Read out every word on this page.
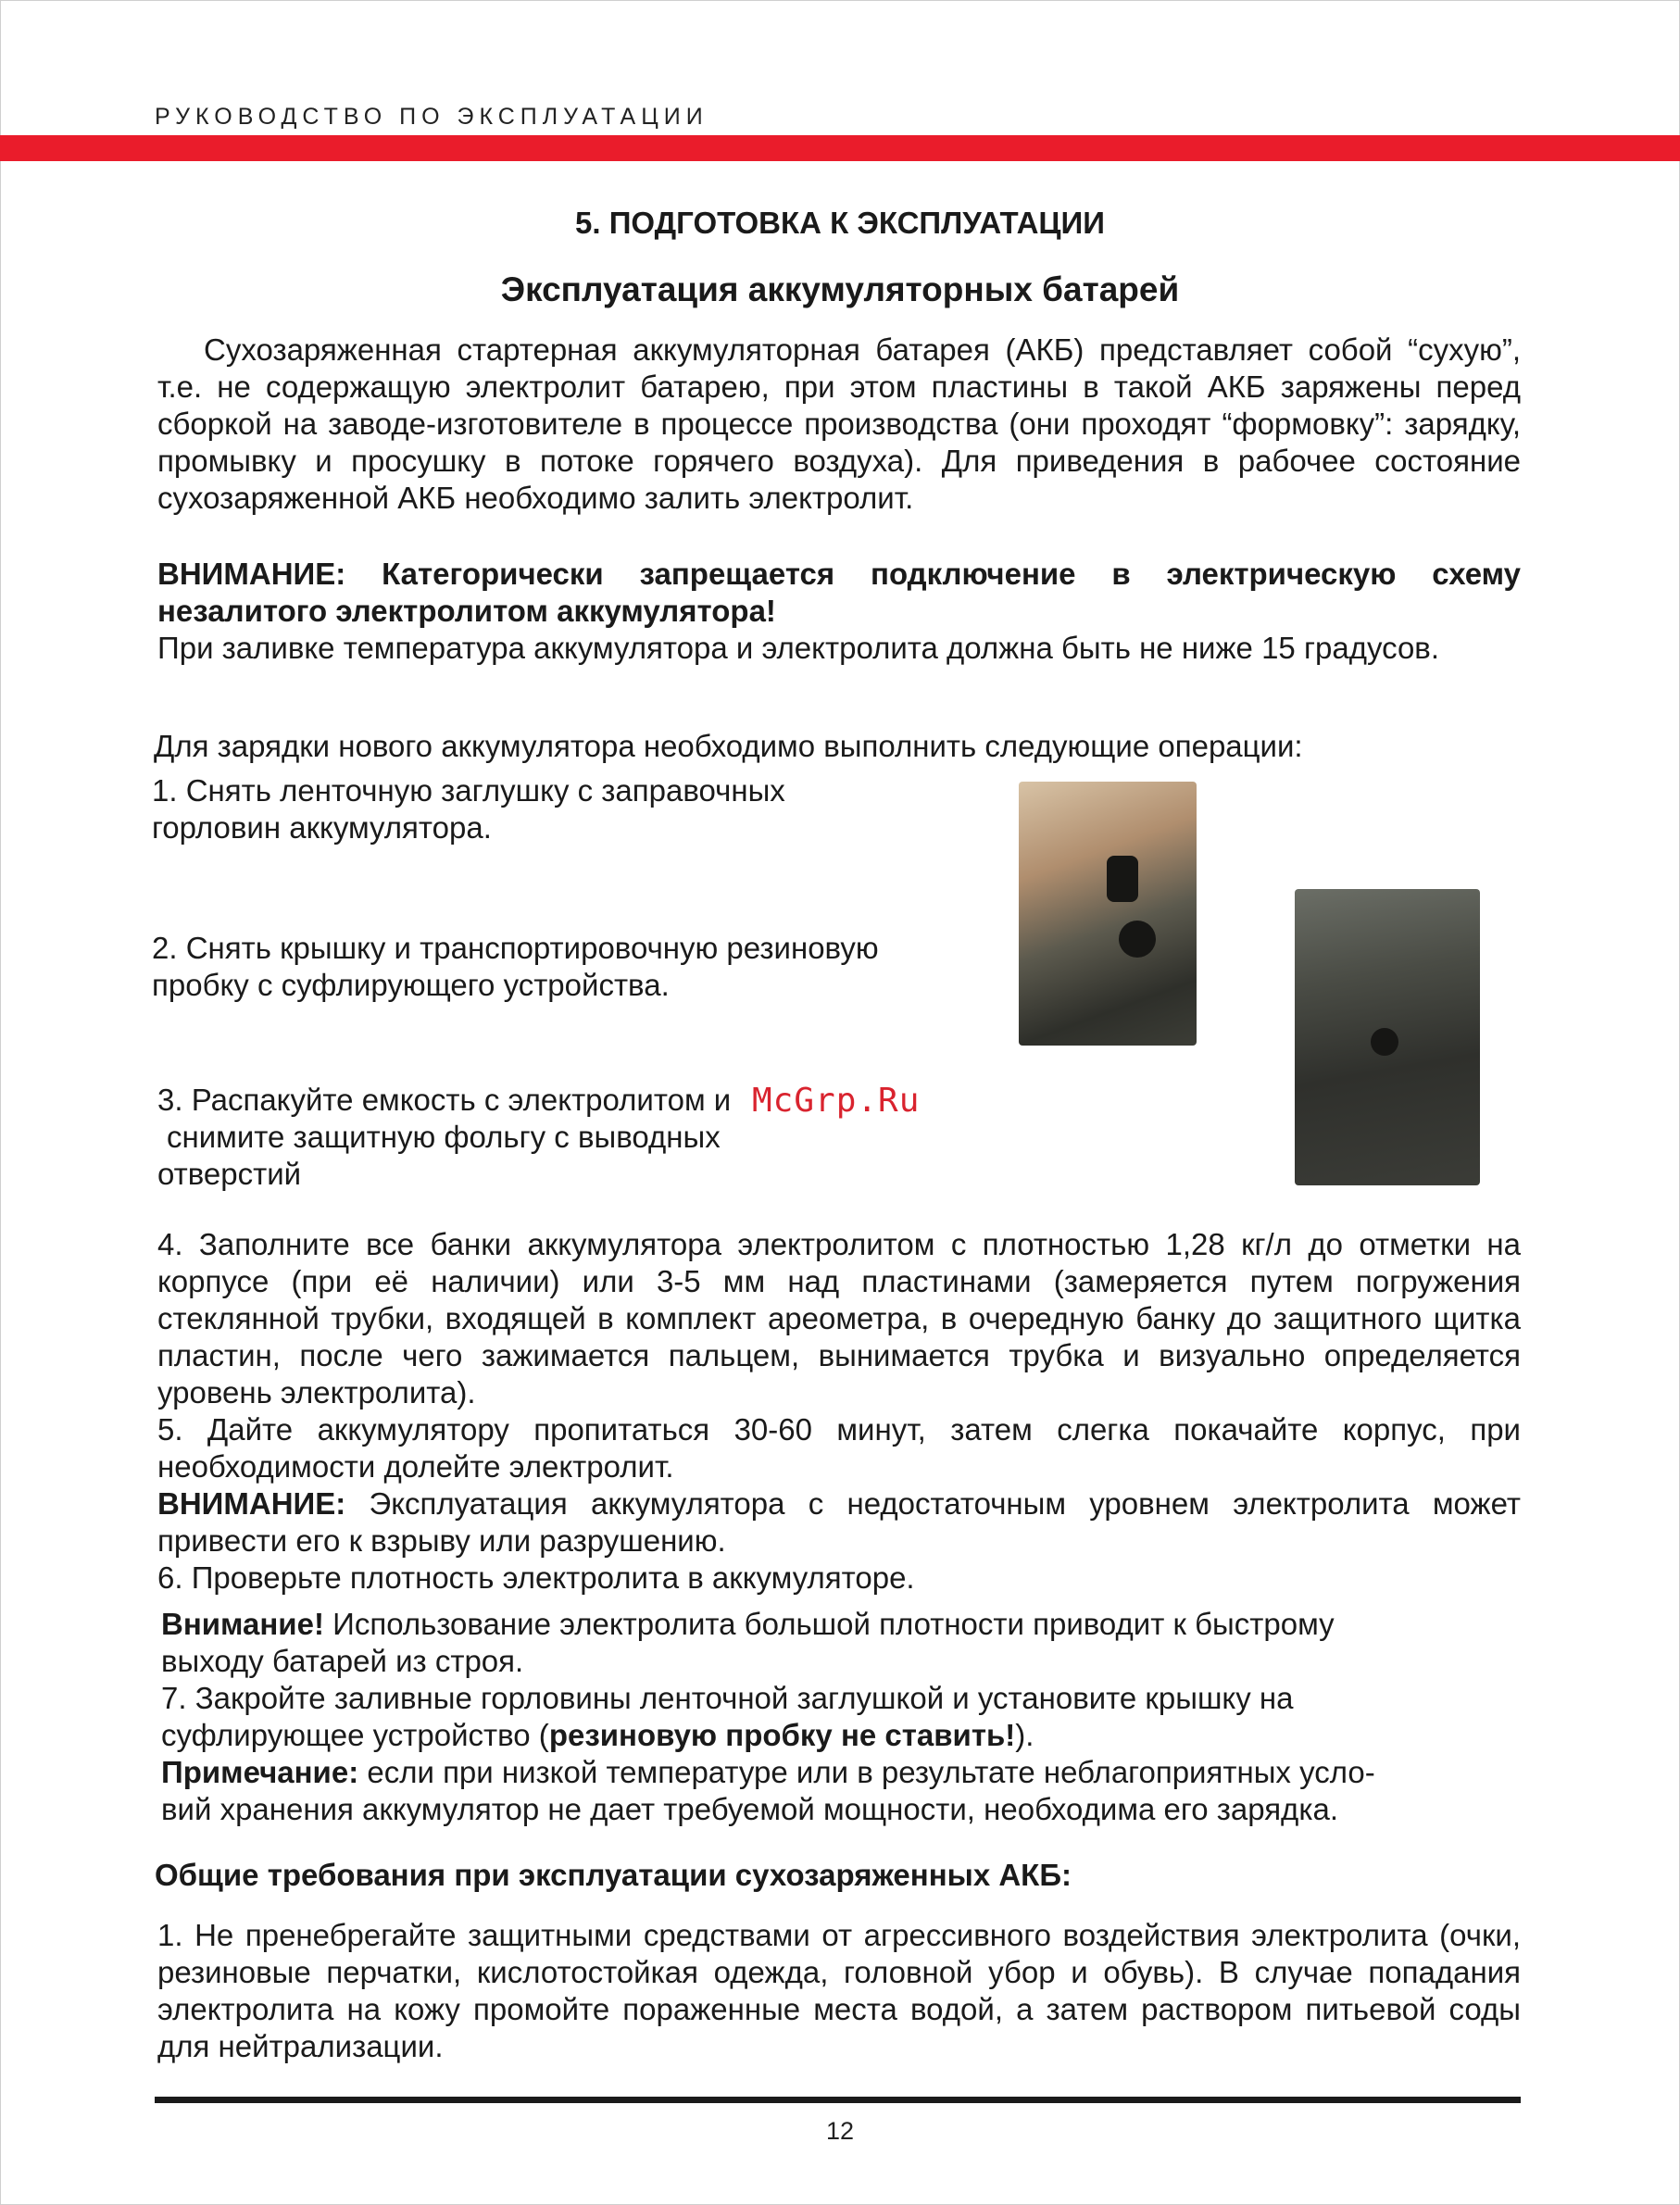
РУКОВОДСТВО ПО ЭКСПЛУАТАЦИИ
5. ПОДГОТОВКА К ЭКСПЛУАТАЦИИ
Эксплуатация аккумуляторных батарей

Сухозаряженная стартерная аккумуляторная батарея (АКБ) представляет собой “сухую”, т.е. не содержащую электролит батарею, при этом пластины в такой АКБ заряжены перед сборкой на заводе-изготовителе в процессе производства (они проходят “формовку”: зарядку, промывку и просушку в потоке горячего воздуха). Для приведения в рабочее состояние сухозаряженной АКБ необходимо залить электролит.

ВНИМАНИЕ: Категорически запрещается подключение в электрическую схему незалитого электролитом аккумулятора!

При заливке температура аккумулятора и электролита должна быть не ниже 15 градусов.

Для зарядки нового аккумулятора необходимо выполнить следующие операции:

1. Снять ленточную заглушку с заправочных горловин аккумулятора.

2. Снять крышку и транспортировочную резиновую пробку с суфлирующего устройства.

3. Распакуйте емкость с электролитом и

снимите защитную фольгу с выводных

отверстий

McGrp.Ru

4. Заполните все банки аккумулятора электролитом с плотностью 1,28 кг/л до отметки на корпусе (при её наличии) или 3-5 мм над пластинами (замеряется путем погружения стеклянной трубки, входящей в комплект ареометра, в очередную банку до защитного щитка пластин, после чего зажимается пальцем, вынимается трубка и визуально определяется уровень электролита).

5. Дайте аккумулятору пропитаться 30-60 минут, затем слегка покачайте корпус, при необходимости долейте электролит.

ВНИМАНИЕ: Эксплуатация аккумулятора с недостаточным уровнем электролита может привести его к взрыву или разрушению.

6. Проверьте плотность электролита в аккумуляторе.

Внимание! Использование электролита большой плотности приводит к быстрому

выходу батарей из строя.

7. Закройте заливные горловины ленточной заглушкой и установите крышку на

суфлирующее устройство (резиновую пробку не ставить!).

Примечание: если при низкой температуре или в результате неблагоприятных усло-

вий хранения аккумулятор не дает требуемой мощности, необходима его зарядка.

Общие требования при эксплуатации сухозаряженных АКБ:

1. Не пренебрегайте защитными средствами от агрессивного воздействия электролита (очки, резиновые перчатки, кислотостойкая одежда, головной убор и обувь). В случае попадания электролита на кожу промойте пораженные места водой, а затем раствором питьевой соды для нейтрализации.

12
